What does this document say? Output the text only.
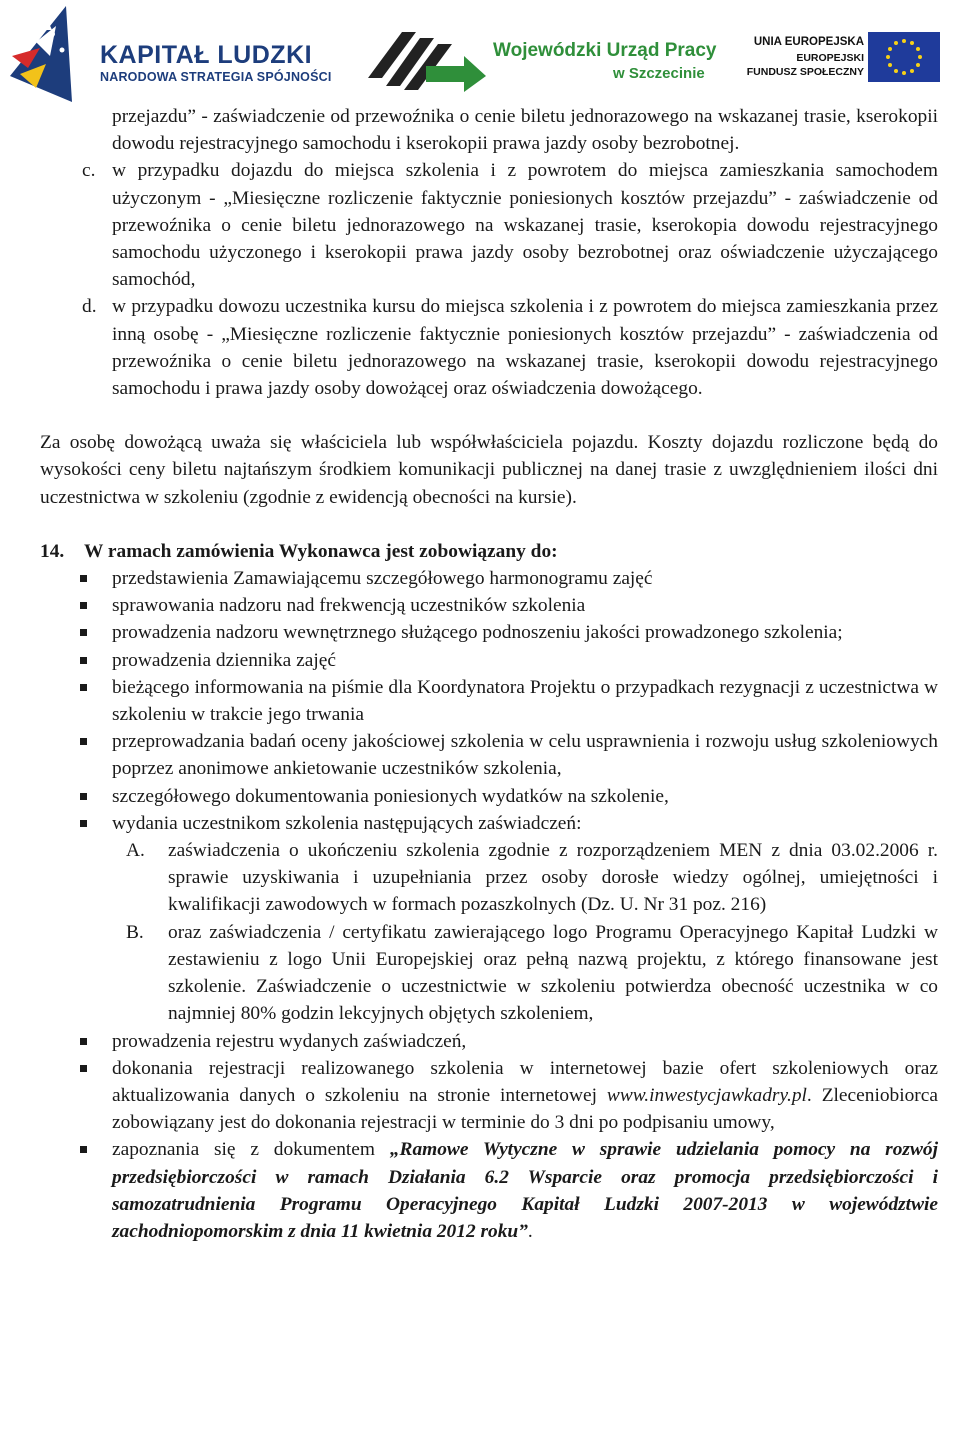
KAPITAŁ LUDZKI
NARODOWA STRATEGIA SPÓJNOŚCI
Wojewódzki Urząd Pracy
w Szczecinie
UNIA EUROPEJSKA
EUROPEJSKI
FUNDUSZ SPOŁECZNY

przejazdu” - zaświadczenie od przewoźnika o cenie biletu jednorazowego na wskazanej trasie, kserokopii dowodu rejestracyjnego samochodu i kserokopii prawa jazdy osoby bezrobotnej.

c. w przypadku dojazdu do miejsca szkolenia i z powrotem do miejsca zamieszkania samochodem użyczonym - „Miesięczne rozliczenie faktycznie poniesionych kosztów przejazdu” - zaświadczenie od przewoźnika o cenie biletu jednorazowego na wskazanej trasie, kserokopia dowodu rejestracyjnego samochodu użyczonego i kserokopii prawa jazdy osoby bezrobotnej oraz oświadczenie użyczającego samochód,

d. w przypadku dowozu uczestnika kursu do miejsca szkolenia i z powrotem do miejsca zamieszkania przez inną osobę - „Miesięczne rozliczenie faktycznie poniesionych kosztów przejazdu” - zaświadczenia od przewoźnika o cenie biletu jednorazowego na wskazanej trasie, kserokopii dowodu rejestracyjnego samochodu i prawa jazdy osoby dowożącej oraz oświadczenia dowożącego.

Za osobę dowożącą uważa się właściciela lub współwłaściciela pojazdu. Koszty dojazdu rozliczone będą do wysokości ceny biletu najtańszym środkiem komunikacji publicznej na danej trasie z uwzględnieniem ilości dni uczestnictwa w szkoleniu (zgodnie z ewidencją obecności na kursie).

14. W ramach zamówienia Wykonawca jest zobowiązany do:

przedstawienia Zamawiającemu szczegółowego harmonogramu zajęć
sprawowania nadzoru nad frekwencją uczestników szkolenia
prowadzenia nadzoru wewnętrznego służącego podnoszeniu jakości prowadzonego szkolenia;
prowadzenia dziennika zajęć
bieżącego informowania na piśmie dla Koordynatora Projektu o przypadkach rezygnacji z uczestnictwa w szkoleniu w trakcie jego trwania
przeprowadzania badań oceny jakościowej szkolenia w celu usprawnienia i rozwoju usług szkoleniowych poprzez anonimowe ankietowanie uczestników szkolenia,
szczegółowego dokumentowania poniesionych wydatków na szkolenie,
wydania uczestnikom szkolenia następujących zaświadczeń:
A. zaświadczenia o ukończeniu szkolenia zgodnie z rozporządzeniem MEN z dnia 03.02.2006 r. sprawie uzyskiwania i uzupełniania przez osoby dorosłe wiedzy ogólnej, umiejętności i kwalifikacji zawodowych w formach pozaszkolnych (Dz. U. Nr 31 poz. 216)
B. oraz zaświadczenia / certyfikatu zawierającego logo Programu Operacyjnego Kapitał Ludzki w zestawieniu z logo Unii Europejskiej oraz pełną nazwą projektu, z którego finansowane jest szkolenie. Zaświadczenie o uczestnictwie w szkoleniu potwierdza obecność uczestnika w co najmniej 80% godzin lekcyjnych objętych szkoleniem,
prowadzenia rejestru wydanych zaświadczeń,
dokonania rejestracji realizowanego szkolenia w internetowej bazie ofert szkoleniowych oraz aktualizowania danych o szkoleniu na stronie internetowej www.inwestycjawkadry.pl. Zleceniobiorca zobowiązany jest do dokonania rejestracji w terminie do 3 dni po podpisaniu umowy,
zapoznania się z dokumentem „Ramowe Wytyczne w sprawie udzielania pomocy na rozwój przedsiębiorczości w ramach Działania 6.2 Wsparcie oraz promocja przedsiębiorczości i samozatrudnienia Programu Operacyjnego Kapitał Ludzki 2007-2013 w województwie zachodniopomorskim z dnia 11 kwietnia 2012 roku”.
